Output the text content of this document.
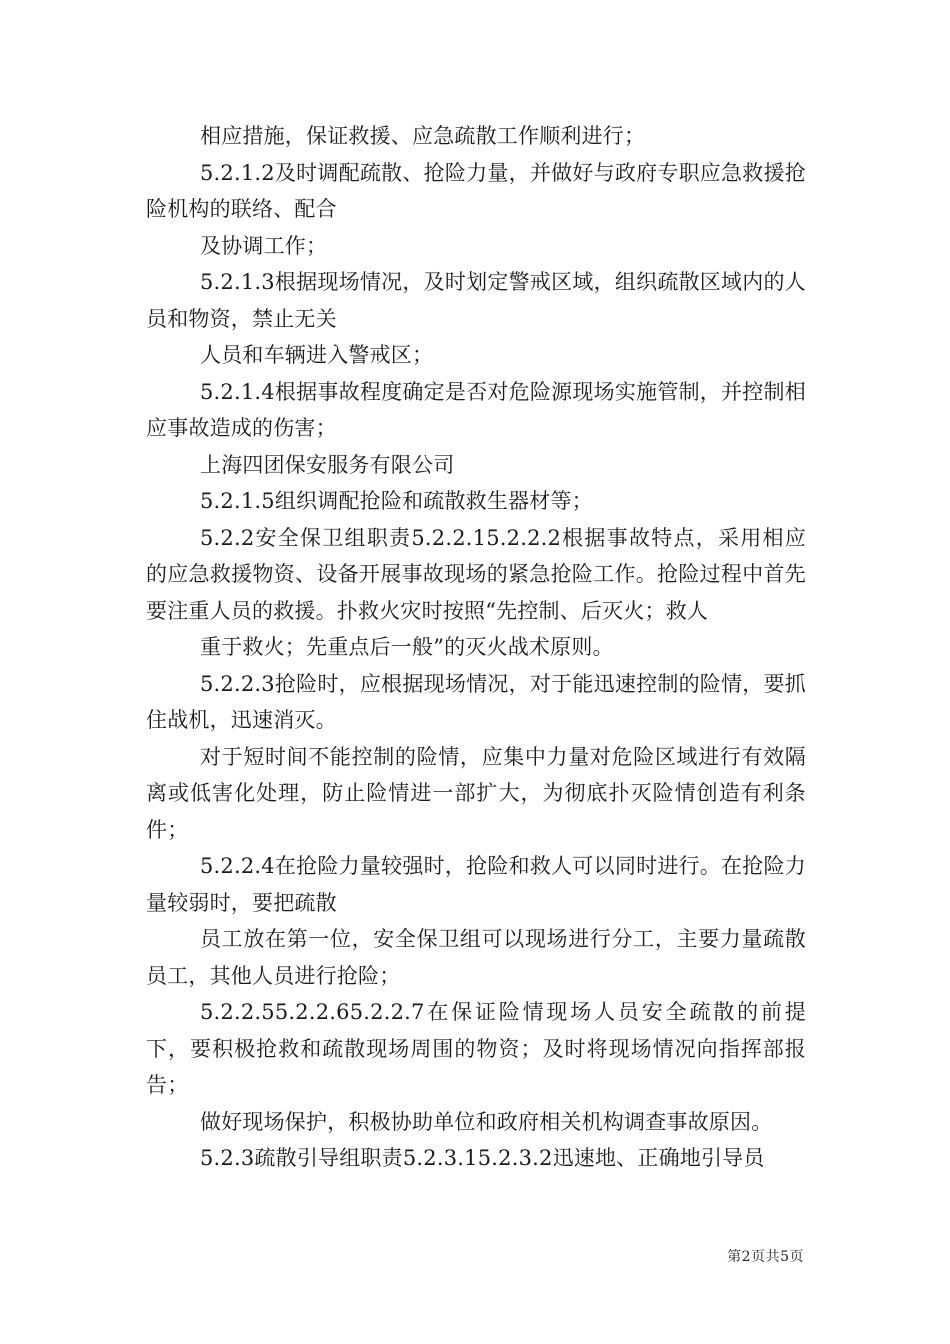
相应措施，保证救援、应急疏散工作顺利进行；

5.2.1.2及时调配疏散、抢险力量，并做好与政府专职应急救援抢险机构的联络、配合

及协调工作；

5.2.1.3根据现场情况，及时划定警戒区域，组织疏散区域内的人员和物资，禁止无关

人员和车辆进入警戒区；

5.2.1.4根据事故程度确定是否对危险源现场实施管制，并控制相应事故造成的伤害；

上海四团保安服务有限公司

5.2.1.5组织调配抢险和疏散救生器材等；

5.2.2安全保卫组职责5.2.2.15.2.2.2根据事故特点，采用相应的应急救援物资、设备开展事故现场的紧急抢险工作。抢险过程中首先要注重人员的救援。扑救火灾时按照“先控制、后灭火；救人

重于救火；先重点后一般”的灭火战术原则。

5.2.2.3抢险时，应根据现场情况，对于能迅速控制的险情，要抓住战机，迅速消灭。

对于短时间不能控制的险情，应集中力量对危险区域进行有效隔离或低害化处理，防止险情进一部扩大，为彻底扑灭险情创造有利条件；

5.2.2.4在抢险力量较强时，抢险和救人可以同时进行。在抢险力量较弱时，要把疏散

员工放在第一位，安全保卫组可以现场进行分工，主要力量疏散员工，其他人员进行抢险；

5.2.2.55.2.2.65.2.2.7在保证险情现场人员安全疏散的前提下，要积极抢救和疏散现场周围的物资；及时将现场情况向指挥部报告；

做好现场保护，积极协助单位和政府相关机构调查事故原因。

5.2.3疏散引导组职责5.2.3.15.2.3.2迅速地、正确地引导员

第2页共5页
